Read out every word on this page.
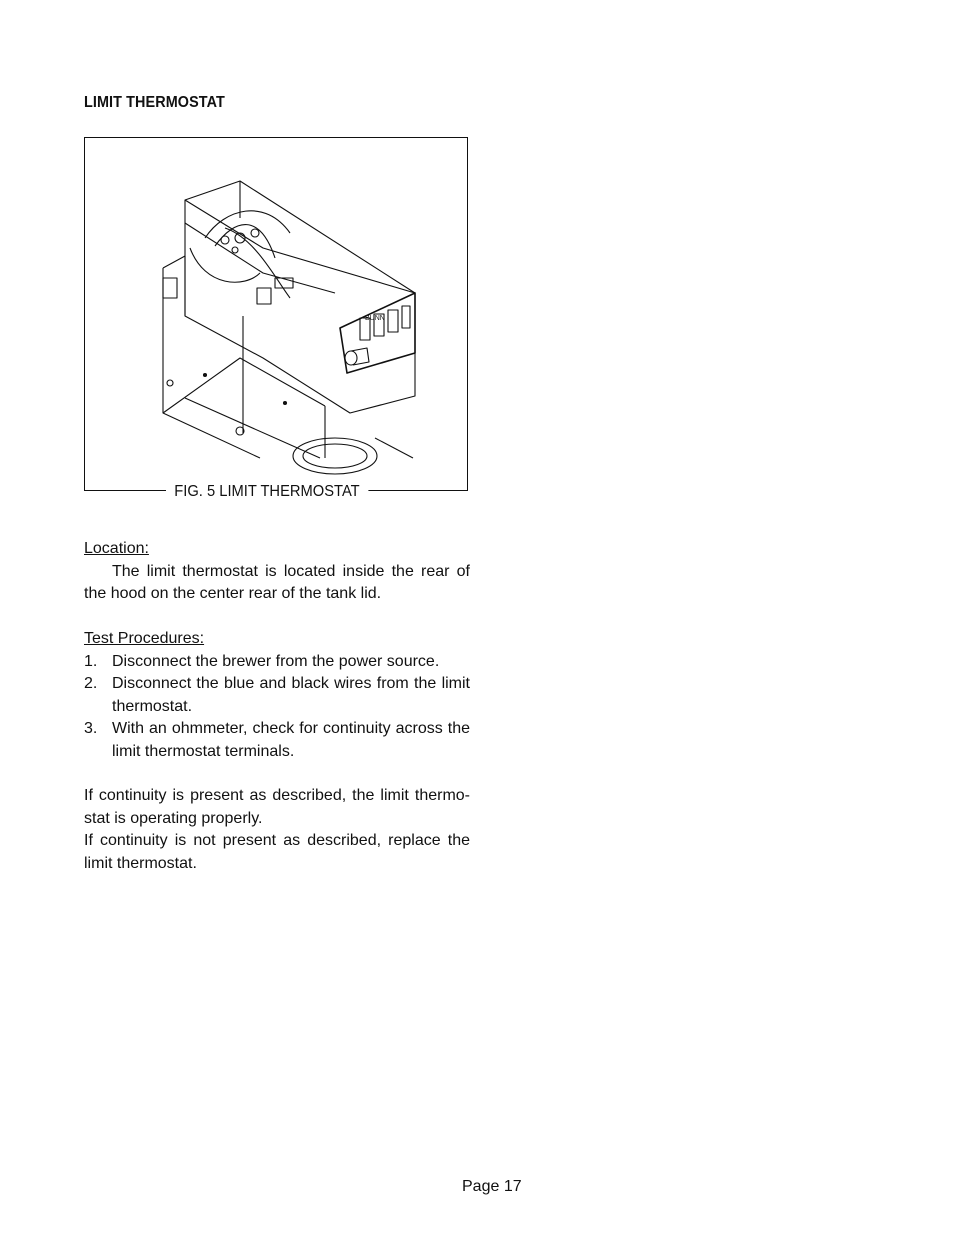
LIMIT THERMOSTAT
BUNN
FIG. 5 LIMIT THERMOSTAT

Location:

The limit thermostat is located inside the rear of the hood on the center rear of the tank lid.

Test Procedures:

1. Disconnect the brewer from the power source.
2. Disconnect the blue and black wires from the limit thermostat.
3. With an ohmmeter, check for continuity across the limit thermostat terminals.

If continuity is present as described, the limit thermo-stat is operating properly.

If continuity is not present as described, replace the limit thermostat.

Page 17
